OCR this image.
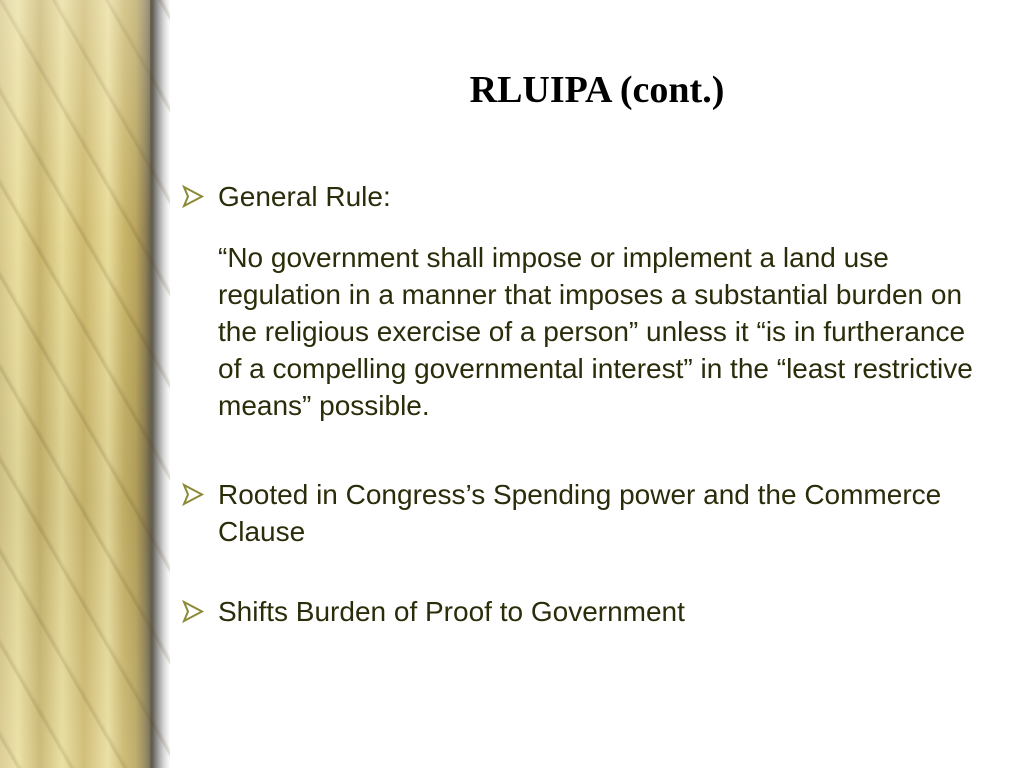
RLUIPA (cont.)
General Rule:
“No government shall impose or implement a land use regulation in a manner that imposes a substantial burden on the religious exercise of a person” unless it “is in furtherance of a compelling governmental interest” in the “least restrictive means” possible.
Rooted in Congress’s Spending power and the Commerce Clause
Shifts Burden of Proof to Government
